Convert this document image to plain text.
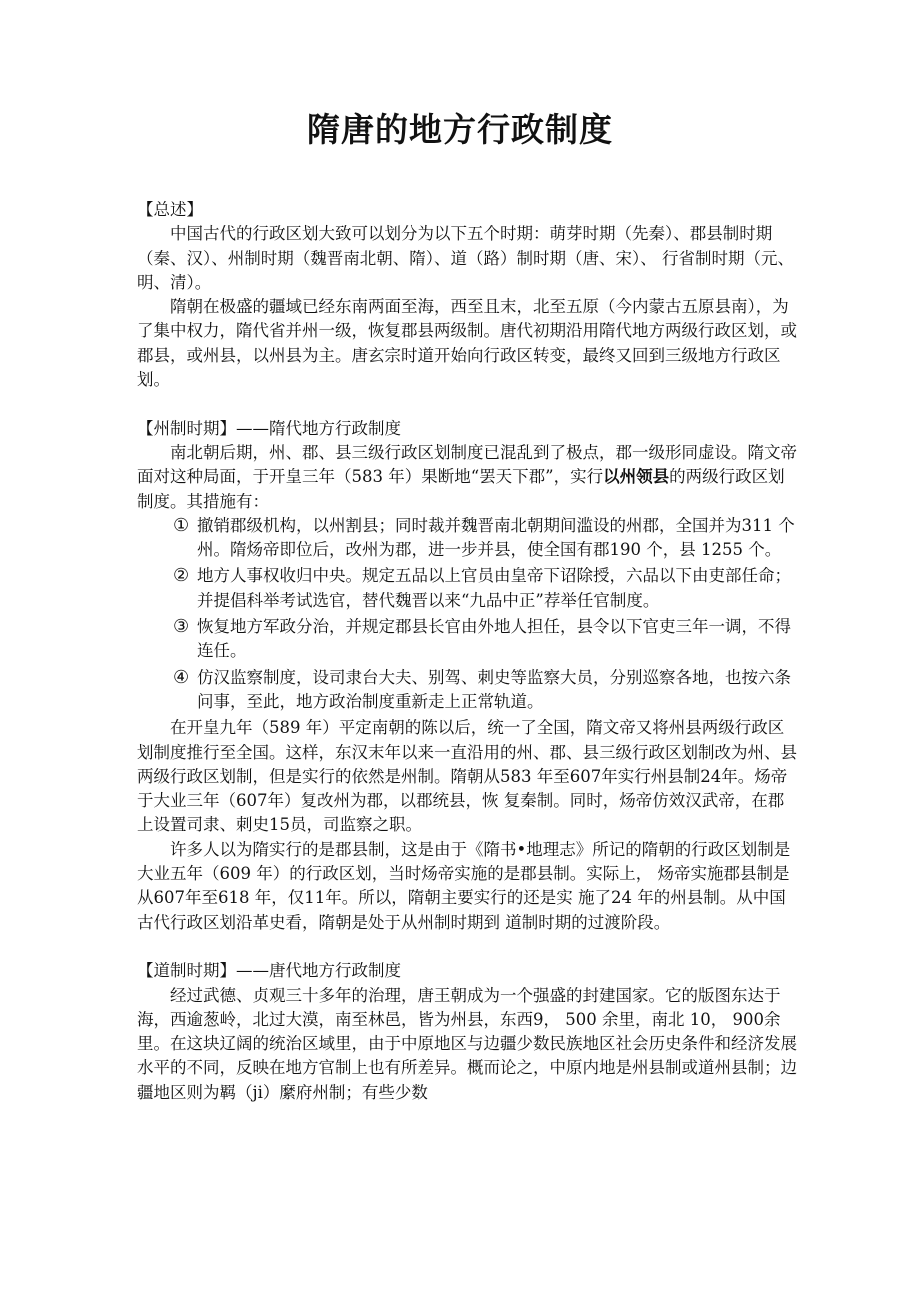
隋唐的地方行政制度

【总述】

中国古代的行政区划大致可以划分为以下五个时期：萌芽时期（先秦）、郡县制时期（秦、汉）、州制时期（魏晋南北朝、隋）、道（路）制时期（唐、宋）、 行省制时期（元、明、清）。

隋朝在极盛的疆域已经东南两面至海，西至且末，北至五原（今内蒙古五原县南），为了集中权力，隋代省并州一级，恢复郡县两级制。唐代初期沿用隋代地方两级行政区划，或郡县，或州县，以州县为主。唐玄宗时道开始向行政区转变，最终又回到三级地方行政区划。

【州制时期】——隋代地方行政制度

南北朝后期，州、郡、县三级行政区划制度已混乱到了极点，郡一级形同虚设。隋文帝面对这种局面，于开皇三年（583 年）果断地“罢天下郡”，实行以州领县的两级行政区划制度。其措施有：

① 撤销郡级机构，以州割县；同时裁并魏晋南北朝期间滥设的州郡，全国并为311 个州。隋炀帝即位后，改州为郡，进一步并县，使全国有郡190 个，县 1255 个。
② 地方人事权收归中央。规定五品以上官员由皇帝下诏除授，六品以下由吏部任命；并提倡科举考试选官，替代魏晋以来“九品中正”荐举任官制度。
③ 恢复地方军政分治，并规定郡县长官由外地人担任，县令以下官吏三年一调，不得连任。
④ 仿汉监察制度，设司隶台大夫、别驾、刺史等监察大员，分别巡察各地，也按六条问事，至此，地方政治制度重新走上正常轨道。

在开皇九年（589 年）平定南朝的陈以后，统一了全国，隋文帝又将州县两级行政区划制度推行至全国。这样，东汉末年以来一直沿用的州、郡、县三级行政区划制改为州、县两级行政区划制，但是实行的依然是州制。隋朝从583 年至607年实行州县制24年。炀帝于大业三年（607年）复改州为郡，以郡统县，恢 复秦制。同时，炀帝仿效汉武帝，在郡上设置司隶、刺史15员，司监察之职。

许多人以为隋实行的是郡县制，这是由于《隋书•地理志》所记的隋朝的行政区划制是大业五年（609 年）的行政区划，当时炀帝实施的是郡县制。实际上， 炀帝实施郡县制是从607年至618 年，仅11年。所以，隋朝主要实行的还是实 施了24 年的州县制。从中国古代行政区划沿革史看，隋朝是处于从州制时期到 道制时期的过渡阶段。

【道制时期】——唐代地方行政制度

经过武德、贞观三十多年的治理，唐王朝成为一个强盛的封建国家。它的版图东达于海，西逾葱岭，北过大漠，南至林邑，皆为州县，东西9， 500 余里，南北 10， 900余里。在这块辽阔的统治区域里，由于中原地区与边疆少数民族地区社会历史条件和经济发展水平的不同，反映在地方官制上也有所差异。概而论之，中原内地是州县制或道州县制；边疆地区则为羁（ji）縻府州制；有些少数
